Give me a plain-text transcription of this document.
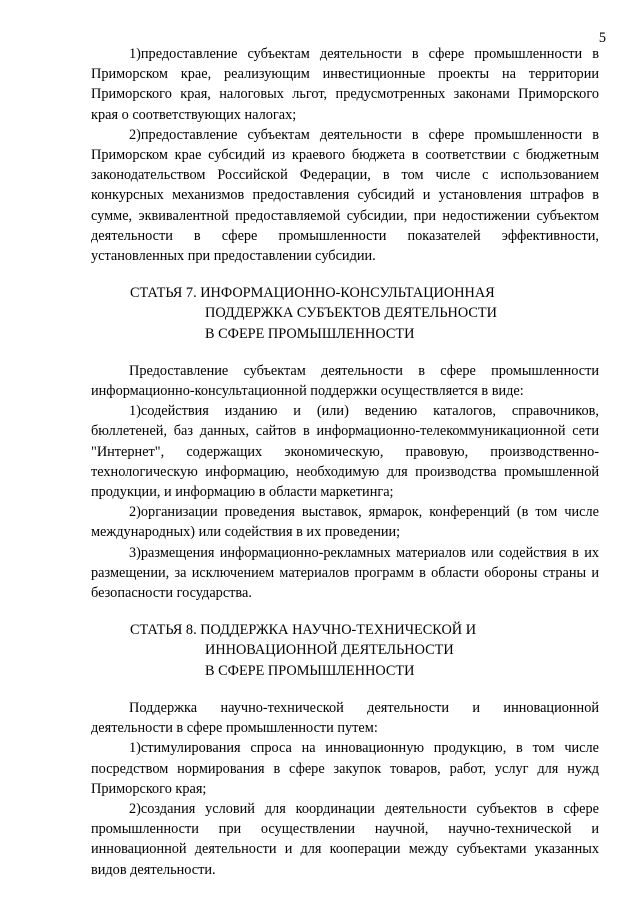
5

1)предоставление субъектам деятельности в сфере промышленности в Приморском крае, реализующим инвестиционные проекты на территории Приморского края, налоговых льгот, предусмотренных законами Приморского края о соответствующих налогах;

2)предоставление субъектам деятельности в сфере промышленности в Приморском крае субсидий из краевого бюджета в соответствии с бюджетным законодательством Российской Федерации, в том числе с использованием конкурсных механизмов предоставления субсидий и установления штрафов в сумме, эквивалентной предоставляемой субсидии, при недостижении субъектом деятельности в сфере промышленности показателей эффективности, установленных при предоставлении субсидии.

СТАТЬЯ 7. ИНФОРМАЦИОННО-КОНСУЛЬТАЦИОННАЯ
ПОДДЕРЖКА СУБЪЕКТОВ ДЕЯТЕЛЬНОСТИ
В СФЕРЕ ПРОМЫШЛЕННОСТИ

Предоставление субъектам деятельности в сфере промышленности информационно-консультационной поддержки осуществляется в виде:

1)содействия изданию и (или) ведению каталогов, справочников, бюллетеней, баз данных, сайтов в информационно-телекоммуникационной сети "Интернет", содержащих экономическую, правовую, производственно-технологическую информацию, необходимую для производства промышленной продукции, и информацию в области маркетинга;

2)организации проведения выставок, ярмарок, конференций (в том числе международных) или содействия в их проведении;

3)размещения информационно-рекламных материалов или содействия в их размещении, за исключением материалов программ в области обороны страны и безопасности государства.

СТАТЬЯ 8. ПОДДЕРЖКА НАУЧНО-ТЕХНИЧЕСКОЙ И
ИННОВАЦИОННОЙ ДЕЯТЕЛЬНОСТИ
В СФЕРЕ ПРОМЫШЛЕННОСТИ

Поддержка научно-технической деятельности и инновационной деятельности в сфере промышленности путем:

1)стимулирования спроса на инновационную продукцию, в том числе посредством нормирования в сфере закупок товаров, работ, услуг для нужд Приморского края;

2)создания условий для координации деятельности субъектов в сфере промышленности при осуществлении научной, научно-технической и инновационной деятельности и для кооперации между субъектами указанных видов деятельности.
